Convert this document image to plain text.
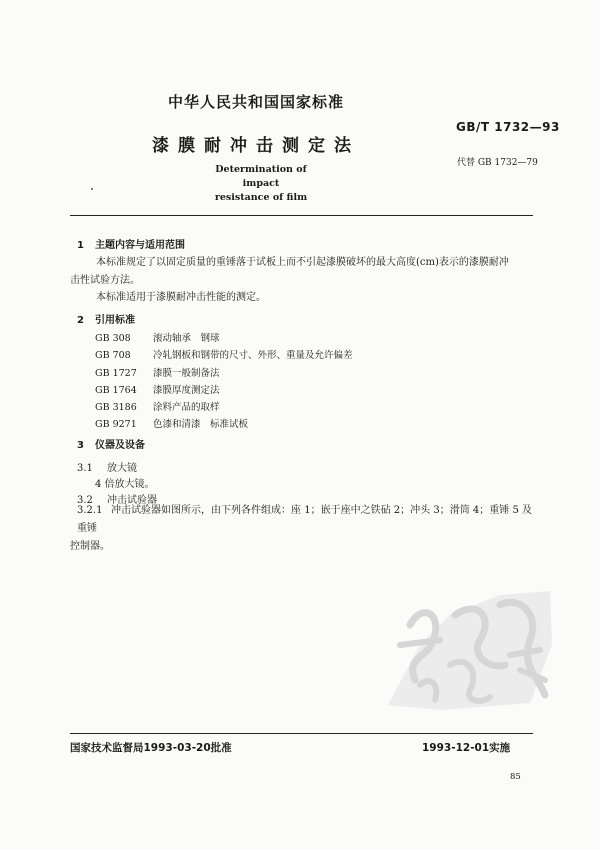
中华人民共和国国家标准
GB/T 1732—93
漆膜耐冲击测定法
代替 GB 1732—79
Determination of impact
resistance of film
1 主题内容与适用范围
本标准规定了以固定质量的重锤落于试板上而不引起漆膜破坏的最大高度(cm)表示的漆膜耐冲
击性试验方法。
本标准适用于漆膜耐冲击性能的测定。
2 引用标准
GB 308 滚动轴承　钢球
GB 708 冷轧钢板和钢带的尺寸、外形、重量及允许偏差
GB 1727 漆膜一般制备法
GB 1764 漆膜厚度测定法
GB 3186 涂料产品的取样
GB 9271 色漆和清漆　标准试板
3 仪器及设备
3.1 放大镜
4 倍放大镜。
3.2 冲击试验器
3.2.1 冲击试验器如图所示，由下列各件组成：座 1；嵌于座中之铁砧 2；冲头 3；滑筒 4；重锤 5 及重锤
控制器。
国家技术监督局1993-03-20批准	1993-12-01实施
85
